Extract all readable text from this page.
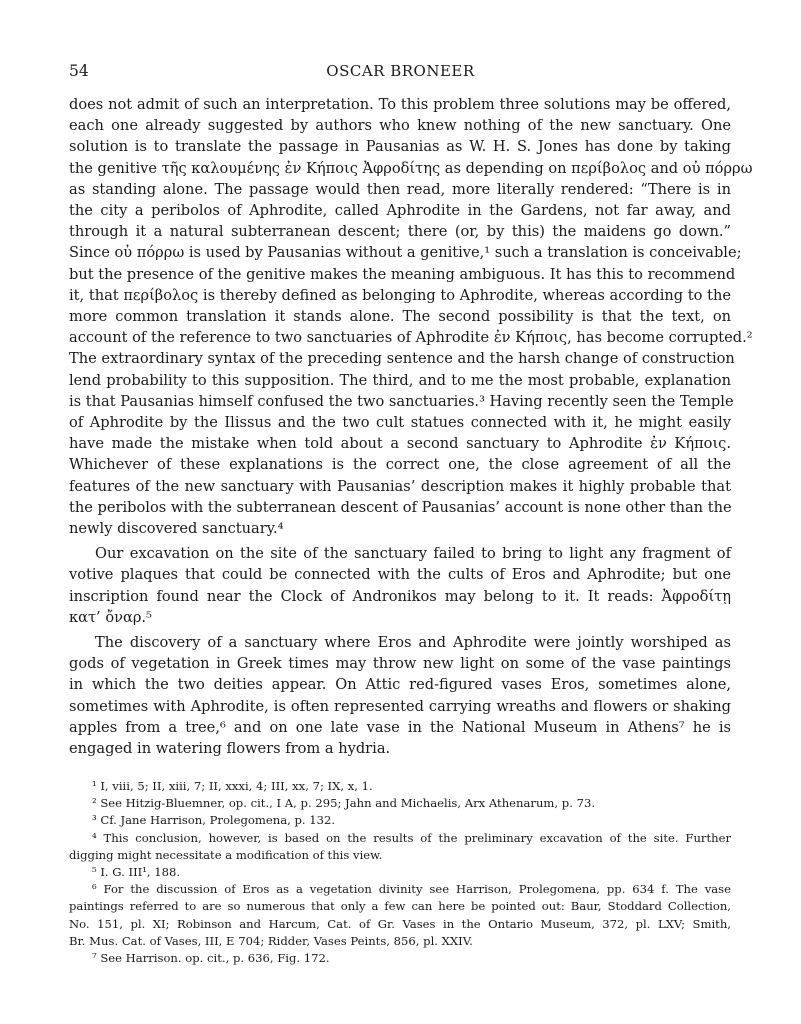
54	OSCAR BRONEER

does not admit of such an interpretation. To this problem three solutions may be offered,
each one already suggested by authors who knew nothing of the new sanctuary. One
solution is to translate the passage in Pausanias as W. H. S. Jones has done by taking
the genitive τῆς καλουμένης ἐν Κήποις Ἀφροδίτης as depending on περίβολος and οὐ πόρρω
as standing alone. The passage would then read, more literally rendered: “There is in
the city a peribolos of Aphrodite, called Aphrodite in the Gardens, not far away, and
through it a natural subterranean descent; there (or, by this) the maidens go down.”
Since οὐ πόρρω is used by Pausanias without a genitive,¹ such a translation is conceivable;
but the presence of the genitive makes the meaning ambiguous. It has this to recommend
it, that περίβολος is thereby defined as belonging to Aphrodite, whereas according to the
more common translation it stands alone. The second possibility is that the text, on
account of the reference to two sanctuaries of Aphrodite ἐν Κήποις, has become corrupted.²
The extraordinary syntax of the preceding sentence and the harsh change of construction
lend probability to this supposition. The third, and to me the most probable, explanation
is that Pausanias himself confused the two sanctuaries.³ Having recently seen the Temple
of Aphrodite by the Ilissus and the two cult statues connected with it, he might easily
have made the mistake when told about a second sanctuary to Aphrodite ἐν Κήποις.
Whichever of these explanations is the correct one, the close agreement of all the
features of the new sanctuary with Pausanias’ description makes it highly probable that
the peribolos with the subterranean descent of Pausanias’ account is none other than the
newly discovered sanctuary.⁴

Our excavation on the site of the sanctuary failed to bring to light any fragment of
votive plaques that could be connected with the cults of Eros and Aphrodite; but one
inscription found near the Clock of Andronikos may belong to it. It reads: Ἀφροδίτῃ
κατ’ ὄναρ.⁵

The discovery of a sanctuary where Eros and Aphrodite were jointly worshiped as
gods of vegetation in Greek times may throw new light on some of the vase paintings
in which the two deities appear. On Attic red-figured vases Eros, sometimes alone,
sometimes with Aphrodite, is often represented carrying wreaths and flowers or shaking
apples from a tree,⁶ and on one late vase in the National Museum in Athens⁷ he is
engaged in watering flowers from a hydria.

¹ I, viii, 5; II, xiii, 7; II, xxxi, 4; III, xx, 7; IX, x, 1.
² See Hitzig-Bluemner, op. cit., I A, p. 295; Jahn and Michaelis, Arx Athenarum, p. 73.
³ Cf. Jane Harrison, Prolegomena, p. 132.
⁴ This conclusion, however, is based on the results of the preliminary excavation of the site. Further
digging might necessitate a modification of this view.
⁵ I. G. III¹, 188.
⁶ For the discussion of Eros as a vegetation divinity see Harrison, Prolegomena, pp. 634 f. The vase
paintings referred to are so numerous that only a few can here be pointed out: Baur, Stoddard Collection,
No. 151, pl. XI; Robinson and Harcum, Cat. of Gr. Vases in the Ontario Museum, 372, pl. LXV; Smith,
Br. Mus. Cat. of Vases, III, E 704; Ridder, Vases Peints, 856, pl. XXIV.
⁷ See Harrison. op. cit., p. 636, Fig. 172.
